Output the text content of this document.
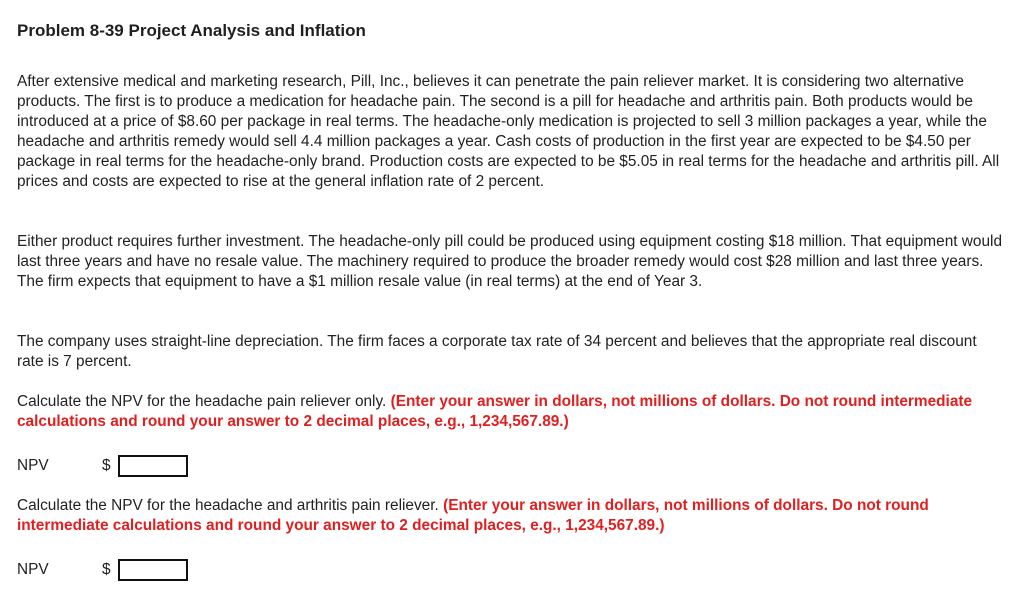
Problem 8-39 Project Analysis and Inflation

After extensive medical and marketing research, Pill, Inc., believes it can penetrate the pain reliever market. It is considering two alternative products. The first is to produce a medication for headache pain. The second is a pill for headache and arthritis pain. Both products would be introduced at a price of $8.60 per package in real terms. The headache-only medication is projected to sell 3 million packages a year, while the headache and arthritis remedy would sell 4.4 million packages a year. Cash costs of production in the first year are expected to be $4.50 per package in real terms for the headache-only brand. Production costs are expected to be $5.05 in real terms for the headache and arthritis pill. All prices and costs are expected to rise at the general inflation rate of 2 percent.

Either product requires further investment. The headache-only pill could be produced using equipment costing $18 million. That equipment would last three years and have no resale value. The machinery required to produce the broader remedy would cost $28 million and last three years. The firm expects that equipment to have a $1 million resale value (in real terms) at the end of Year 3.

The company uses straight-line depreciation. The firm faces a corporate tax rate of 34 percent and believes that the appropriate real discount rate is 7 percent.

Calculate the NPV for the headache pain reliever only. (Enter your answer in dollars, not millions of dollars. Do not round intermediate calculations and round your answer to 2 decimal places, e.g., 1,234,567.89.)

NPV	$

Calculate the NPV for the headache and arthritis pain reliever. (Enter your answer in dollars, not millions of dollars. Do not round intermediate calculations and round your answer to 2 decimal places, e.g., 1,234,567.89.)

NPV	$
